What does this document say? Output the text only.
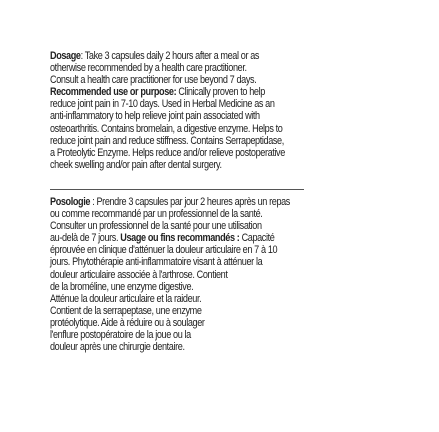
Dosage: Take 3 capsules daily 2 hours after a meal or as
otherwise recommended by a health care practitioner.
Consult a health care practitioner for use beyond 7 days.
Recommended use or purpose: Clinically proven to help
reduce joint pain in 7-10 days. Used in Herbal Medicine as an
anti-inflammatory to help relieve joint pain associated with
osteoarthritis. Contains bromelain, a digestive enzyme. Helps to
reduce joint pain and reduce stiffness. Contains Serrapeptidase,
a Proteolytic Enzyme. Helps reduce and/or relieve postoperative
cheek swelling and/or pain after dental surgery.
Posologie : Prendre 3 capsules par jour 2 heures après un repas
ou comme recommandé par un professionnel de la santé.
Consulter un professionnel de la santé pour une utilisation
au-delà de 7 jours. Usage ou fins recommandés : Capacité
éprouvée en clinique d'atténuer la douleur articulaire en 7 à 10
jours. Phytothérapie anti-inflammatoire visant à atténuer la
douleur articulaire associée à l'arthrose. Contient
de la broméline, une enzyme digestive.
Atténue la douleur articulaire et la raideur.
Contient de la serrapeptase, une enzyme
protéolytique. Aide à réduire ou à soulager
l'enflure postopératoire de la joue ou la
douleur après une chirurgie dentaire.
